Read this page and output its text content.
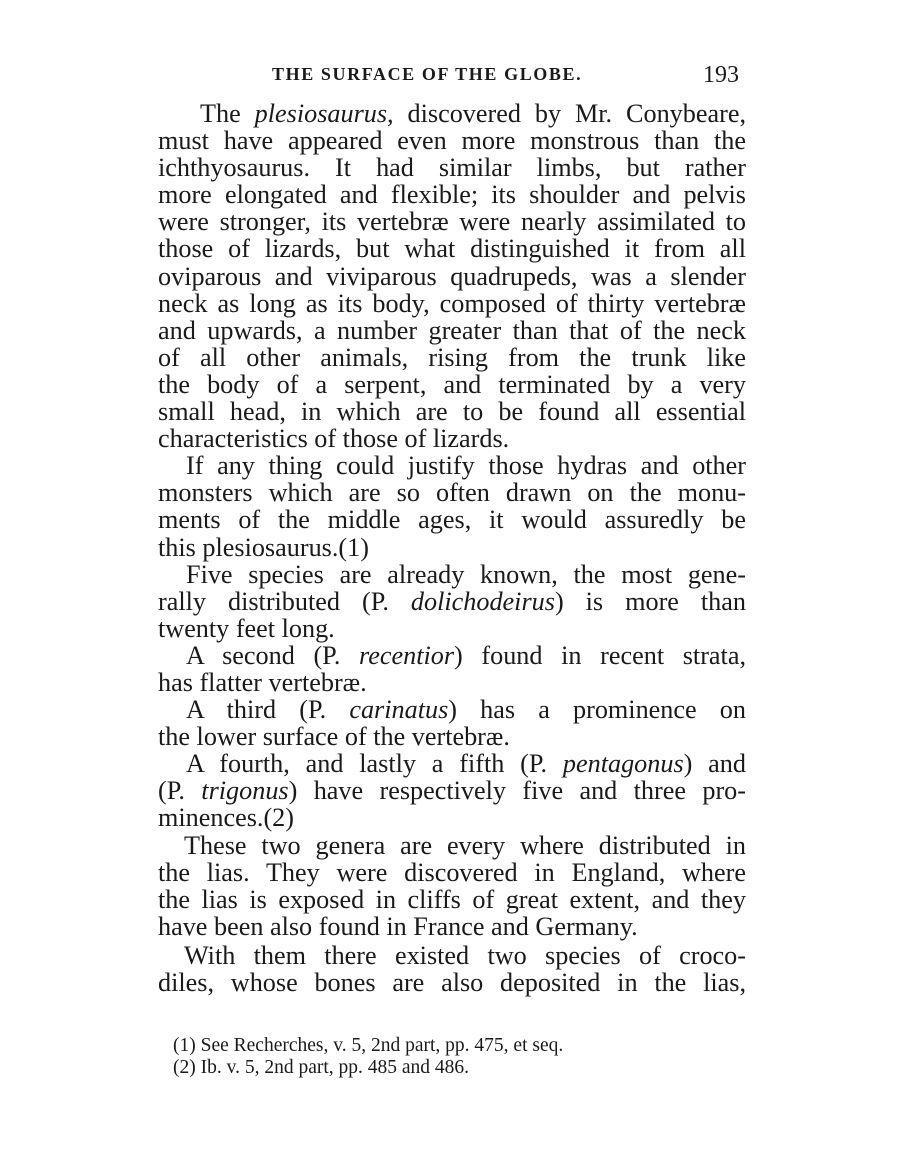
THE SURFACE OF THE GLOBE.	193
The plesiosaurus, discovered by Mr. Conybeare,
must have appeared even more monstrous than the
ichthyosaurus. It had similar limbs, but rather
more elongated and flexible; its shoulder and pelvis
were stronger, its vertebræ were nearly assimilated to
those of lizards, but what distinguished it from all
oviparous and viviparous quadrupeds, was a slender
neck as long as its body, composed of thirty vertebræ
and upwards, a number greater than that of the neck
of all other animals, rising from the trunk like
the body of a serpent, and terminated by a very
small head, in which are to be found all essential
characteristics of those of lizards.
If any thing could justify those hydras and other
monsters which are so often drawn on the monu-
ments of the middle ages, it would assuredly be
this plesiosaurus.(1)
Five species are already known, the most gene-
rally distributed (P. dolichodeirus) is more than
twenty feet long.
A second (P. recentior) found in recent strata,
has flatter vertebræ.
A third (P. carinatus) has a prominence on
the lower surface of the vertebræ.
A fourth, and lastly a fifth (P. pentagonus) and
(P. trigonus) have respectively five and three pro-
minences.(2)
These two genera are every where distributed in
the lias. They were discovered in England, where
the lias is exposed in cliffs of great extent, and they
have been also found in France and Germany.
With them there existed two species of croco-
diles, whose bones are also deposited in the lias,
(1) See Recherches, v. 5, 2nd part, pp. 475, et seq.
(2) Ib. v. 5, 2nd part, pp. 485 and 486.
